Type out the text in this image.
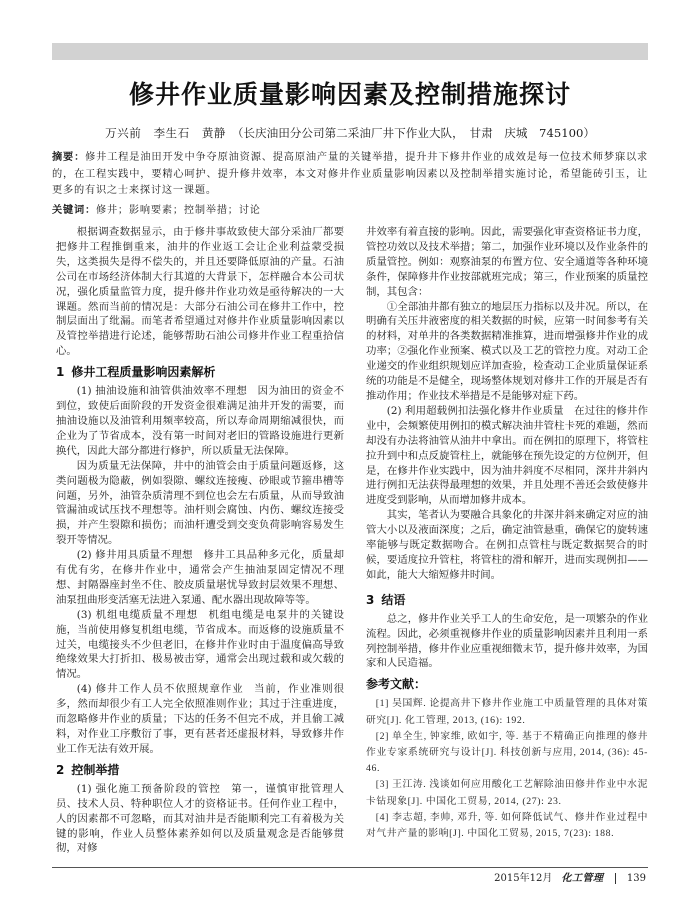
修井作业质量影响因素及控制措施探讨
万兴前　李生石　黄静 （长庆油田分公司第二采油厂井下作业大队，　甘肃　庆城　745100）
摘要：修井工程是油田开发中争夺原油资源、提高原油产量的关键举措，提升井下修井作业的成效是每一位技术师梦寐以求的，在工程实践中，要精心呵护、提升修井效率，本文对修井作业质量影响因素以及控制举措实施讨论，希望能砖引玉，让更多的有识之士来探讨这一课题。
关键词：修井；影响要素；控制举措；讨论

根据调查数据显示，由于修井事故致使大部分采油厂都要把修井工程推倒重来，油井的作业返工会让企业利益蒙受损失，这类损失是得不偿失的，并且还要降低原油的产量。石油公司在市场经济体制大行其道的大背景下，怎样融合本公司状况，强化质量监管力度，提升修井作业功效是亟待解决的一大课题。然而当前的情况是：大部分石油公司在修井工作中，控制层面出了纰漏。而笔者希望通过对修井作业质量影响因素以及管控举措进行论述，能够帮助石油公司修井作业工程重拾信心。

1 修井工程质量影响因素解析

(1) 抽油设施和油管供油效率不理想 因为油田的资金不到位，致使后面阶段的开发资金很难满足油井开发的需要，而抽油设施以及油管利用频率较高，所以寿命周期缩减很快，而企业为了节省成本，没有第一时间对老旧的管路设施进行更新换代，因此大部分都进行修护，所以质量无法保障。

因为质量无法保障，井中的油管会由于质量问题返修，这类问题极为隐蔽，例如裂隙、螺纹连接瘦、砂眼或节箍串槽等问题，另外，油管杂质清理不到位也会左右质量，从而导致油管漏油或试压找不理想等。油杆则会腐蚀、内伤、螺纹连接受损，并产生裂隙和损伤；而油杆遭受到交变负荷影响容易发生裂开等情况。

(2) 修井用具质量不理想 修井工具品种多元化，质量却有优有劣，在修井作业中，通常会产生抽油泵固定情况不理想、封隔器座封坐不住、胶皮质量堪忧导致封层效果不理想、油泵扭曲形变活塞无法进入泵通、配水器出现故障等等。

(3) 机组电缆质量不理想 机组电缆是电泵井的关键设施，当前使用修复机组电缆，节省成本。而返修的设施质量不过关，电缆接头不少但老旧，在修井作业时由于温度偏高导致绝缘效果大打折扣、极易被击穿，通常会出现过载和或欠载的情况。

(4) 修井工作人员不依照规章作业 当前，作业准则很多，然而却很少有工人完全依照准则作业；其过于注重进度，而忽略修井作业的质量；下达的任务不但完不成，并且偷工减料，对作业工序敷衍了事，更有甚者还虚报材料，导致修井作业工作无法有效开展。

2 控制举措

(1) 强化施工预备阶段的管控 第一，谨慎审批管理人员、技术人员、特种职位人才的资格证书。任何作业工程中，人的因素都不可忽略，而其对油井是否能顺利完工有着极为关键的影响，作业人员整体素养如何以及质量观念是否能够贯彻，对修

井效率有着直接的影响。因此，需要强化审查资格证书力度，管控功效以及技术举措；第二，加强作业环境以及作业条件的质量管控。例如：观察油泵的布置方位、安全通道等各种环境条件，保障修井作业按部就班完成；第三，作业预案的质量控制，其包含：

①全部油井都有独立的地层压力指标以及井况。所以，在明确有关压井液密度的相关数据的时候，应第一时间参考有关的材料，对单井的各类数据精准推算，进而增强修井作业的成功率；②强化作业预案、模式以及工艺的管控力度。对动工企业递交的作业组织规划应详加查验，检查动工企业质量保证系统的功能是不是健全，现场整体规划对修井工作的开展是否有推动作用；作业技术举措是不是能够对症下药。

(2) 利用超载例扣法强化修井作业质量 在过往的修井作业中，会频繁使用例扣的模式解决油井管柱卡死的难题，然而却没有办法将油管从油井中拿出。而在例扣的原理下，将管柱拉升到中和点反旋管柱上，就能够在预先设定的方位例开，但是，在修井作业实践中，因为油井斜度不尽相同，深井井斜内进行例扣无法获得最理想的效果，并且处理不善还会致使修井进度受到影响，从而增加修井成本。

其实，笔者认为要融合具象化的井深井斜来确定对应的油管大小以及液面深度；之后，确定油管悬重，确保它的旋转速率能够与既定数据吻合。在例扣点管柱与既定数据契合的时候，要适度拉升管柱，将管柱的滑和解开，进而实现例扣——如此，能大大缩短修井时间。

3 结语

总之，修井作业关乎工人的生命安危，是一项繁杂的作业流程。因此，必须重视修井作业的质量影响因素并且利用一系列控制举措，修井作业应重视细微末节，提升修井效率，为国家和人民造福。

参考文献：
[1] 吴国辉. 论提高井下修井作业施工中质量管理的具体对策研究[J]. 化工管理, 2013, (16): 192.
[2] 单全生, 钟家维, 欧如宇, 等. 基于不精确正向推理的修井作业专家系统研究与设计[J]. 科技创新与应用, 2014, (36): 45-46.
[3] 王江涛. 浅谈如何应用酸化工艺解除油田修井作业中水泥卡钻现象[J]. 中国化工贸易, 2014, (27): 23.
[4] 李志超, 李帅, 邓升, 等. 如何降低试气、修井作业过程中对气井产量的影响[J]. 中国化工贸易, 2015, 7(23): 188.
2015年12月 化工管理 139
